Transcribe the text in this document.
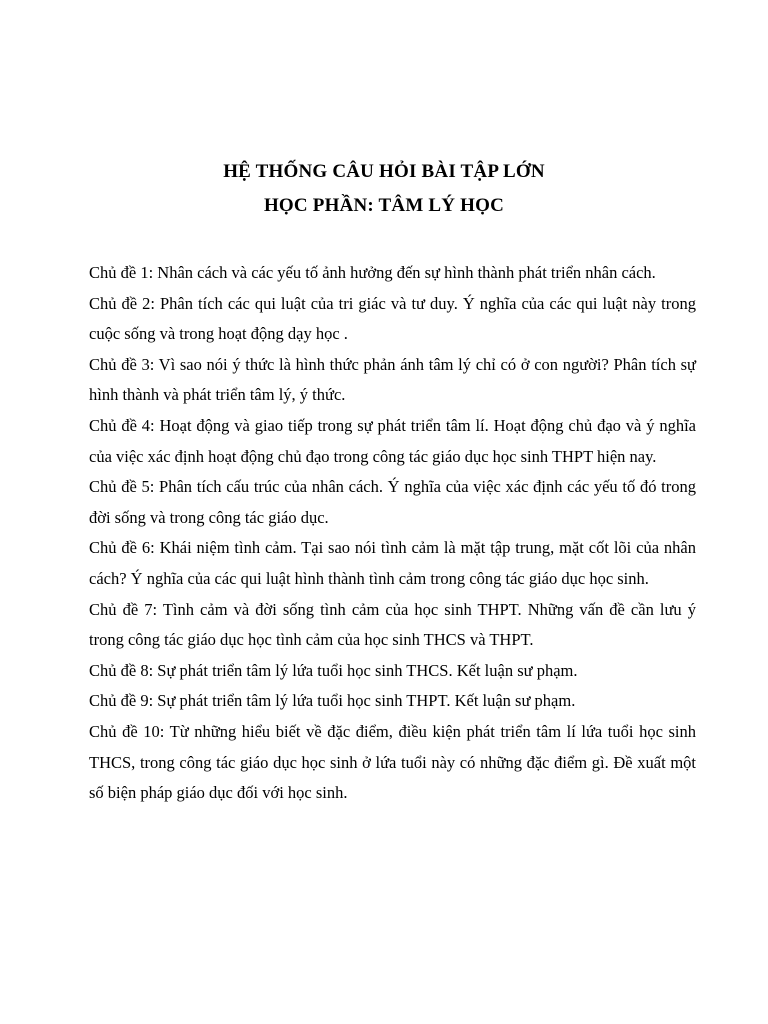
HỆ THỐNG CÂU HỎI BÀI TẬP LỚN
HỌC PHẦN: TÂM LÝ HỌC

Chủ đề 1: Nhân cách và các yếu tố ảnh hưởng đến sự hình thành phát triển nhân cách.

Chủ đề 2: Phân tích các qui luật của tri giác và tư duy. Ý nghĩa của các qui luật này trong cuộc sống và trong hoạt động dạy học .

Chủ đề 3: Vì sao nói ý thức là hình thức phản ánh tâm lý chỉ có ở con người? Phân tích sự hình thành và phát triển tâm lý, ý thức.

Chủ đề 4: Hoạt động và giao tiếp trong sự phát triển tâm lí. Hoạt động chủ đạo và ý nghĩa của việc xác định hoạt động chủ đạo trong công tác giáo dục học sinh THPT hiện nay.

Chủ đề 5: Phân tích cấu trúc của nhân cách. Ý nghĩa của việc xác định các yếu tố đó trong đời sống và trong công tác giáo dục.

Chủ đề 6: Khái niệm tình cảm. Tại sao nói tình cảm là mặt tập trung, mặt cốt lõi của nhân cách? Ý nghĩa của các qui luật hình thành tình cảm trong công tác giáo dục học sinh.

Chủ đề 7: Tình cảm và đời sống tình cảm của học sinh THPT. Những vấn đề cần lưu ý trong công tác giáo dục học tình cảm của học sinh THCS và THPT.

Chủ đề 8: Sự phát triển tâm lý lứa tuổi học sinh THCS. Kết luận sư phạm.

Chủ đề 9: Sự phát triển tâm lý lứa tuổi học sinh THPT. Kết luận sư phạm.

Chủ đề 10: Từ những hiểu biết về đặc điểm, điều kiện phát triển tâm lí lứa tuổi học sinh THCS, trong công tác giáo dục học sinh ở lứa tuổi này có những đặc điểm gì. Đề xuất một số biện pháp giáo dục đối với học sinh.
